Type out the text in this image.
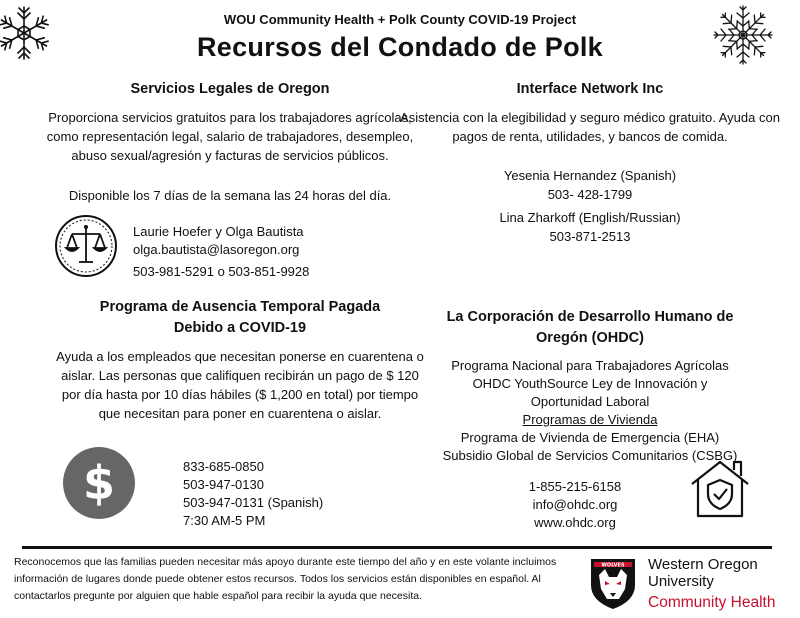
WOU Community Health + Polk County COVID-19 Project
Recursos del Condado de Polk
Servicios Legales de Oregon
Proporciona servicios gratuitos para los trabajadores agrícolas, como representación legal, salario de trabajadores, desempleo, abuso sexual/agresión y facturas de servicios públicos.
Disponible los 7 días de la semana las 24 horas del día.
Laurie Hoefer y Olga Bautista
olga.bautista@lasoregon.org
503-981-5291 o 503-851-9928
Interface Network Inc
Asistencia con la elegibilidad y seguro médico gratuito. Ayuda con pagos de renta, utilidades, y bancos de comida.
Yesenia Hernandez (Spanish)
503- 428-1799
Lina Zharkoff (English/Russian)
503-871-2513
Programa de Ausencia Temporal Pagada
Debido a COVID-19
Ayuda a los empleados que necesitan ponerse en cuarentena o aislar. Las personas que califiquen recibirán un pago de $ 120 por día hasta por 10 días hábiles ($ 1,200 en total) por tiempo que necesitan para poner en cuarentena o aislar.
$	833-685-0850
503-947-0130
503-947-0131 (Spanish)
7:30 AM-5 PM
La Corporación de Desarrollo Humano de
Oregón (OHDC)
Programa Nacional para Trabajadores Agrícolas
OHDC YouthSource Ley de Innovación y
Oportunidad Laboral
Programas de Vivienda
Programa de Vivienda de Emergencia (EHA)
Subsidio Global de Servicios Comunitarios (CSBG)
1-855-215-6158
info@ohdc.org
www.ohdc.org
Reconocemos que las familias pueden necesitar más apoyo durante este tiempo del año y en este volante incluimos información de lugares donde puede obtener estos recursos. Todos los servicios están disponibles en español. Al contactarlos pregunte por alguien que hable español para recibir la ayuda que necesita.
WOLVES Western Oregon
University
Community Health
